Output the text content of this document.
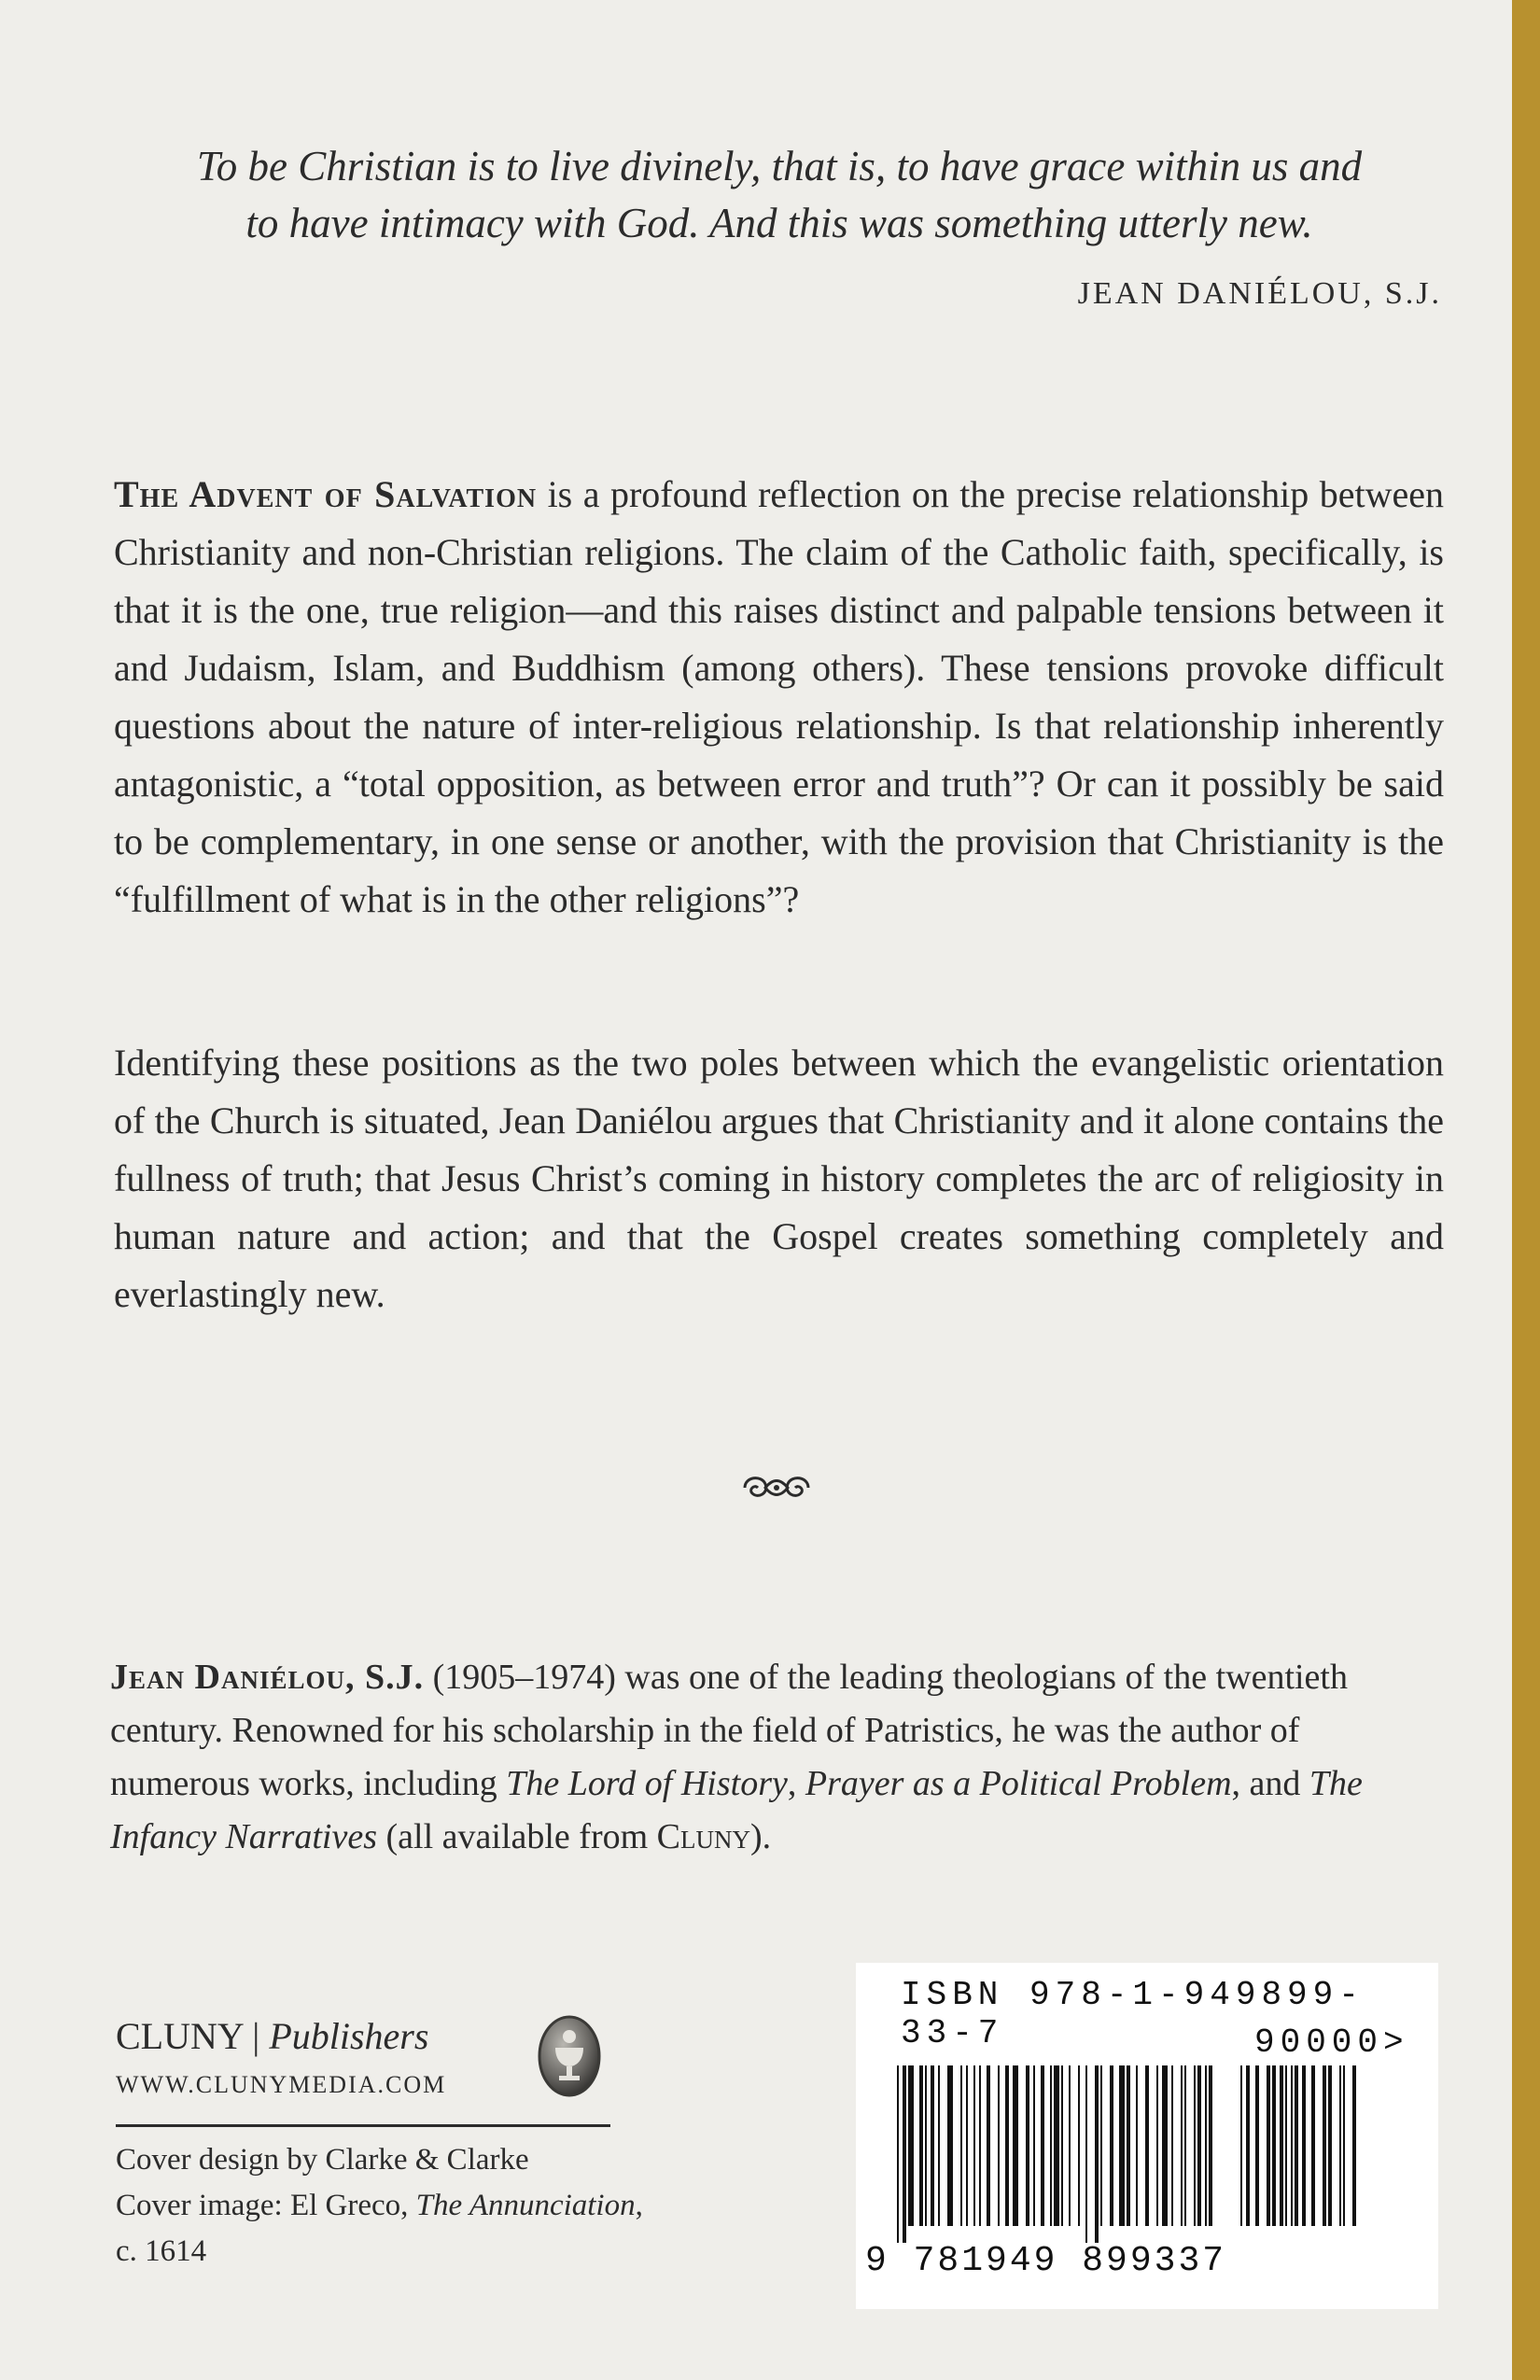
To be Christian is to live divinely, that is, to have grace within us and
to have intimacy with God. And this was something utterly new.
JEAN DANIÉLOU, S.J.
The Advent of Salvation is a profound reflection on the precise relationship between Christianity and non-Christian religions. The claim of the Catholic faith, specifically, is that it is the one, true religion—and this raises distinct and palpable tensions between it and Judaism, Islam, and Buddhism (among others). These tensions provoke difficult questions about the nature of inter-religious relationship. Is that relationship inherently antagonistic, a “total opposition, as between error and truth”? Or can it possibly be said to be complementary, in one sense or another, with the provision that Christianity is the “fulfillment of what is in the other religions”?
Identifying these positions as the two poles between which the evangelistic orientation of the Church is situated, Jean Daniélou argues that Christianity and it alone contains the fullness of truth; that Jesus Christ’s coming in history completes the arc of religiosity in human nature and action; and that the Gospel creates something completely and everlastingly new.
Jean Daniélou, S.J. (1905–1974) was one of the leading theologians of the twentieth century. Renowned for his scholarship in the field of Patristics, he was the author of numerous works, including The Lord of History, Prayer as a Political Problem, and The Infancy Narratives (all available from Cluny).
CLUNY | Publishers
WWW.CLUNYMEDIA.COM
Cover design by Clarke & Clarke
Cover image: El Greco, The Annunciation,
c. 1614
ISBN 978-1-949899-33-7	90000>
9 781949 899337
